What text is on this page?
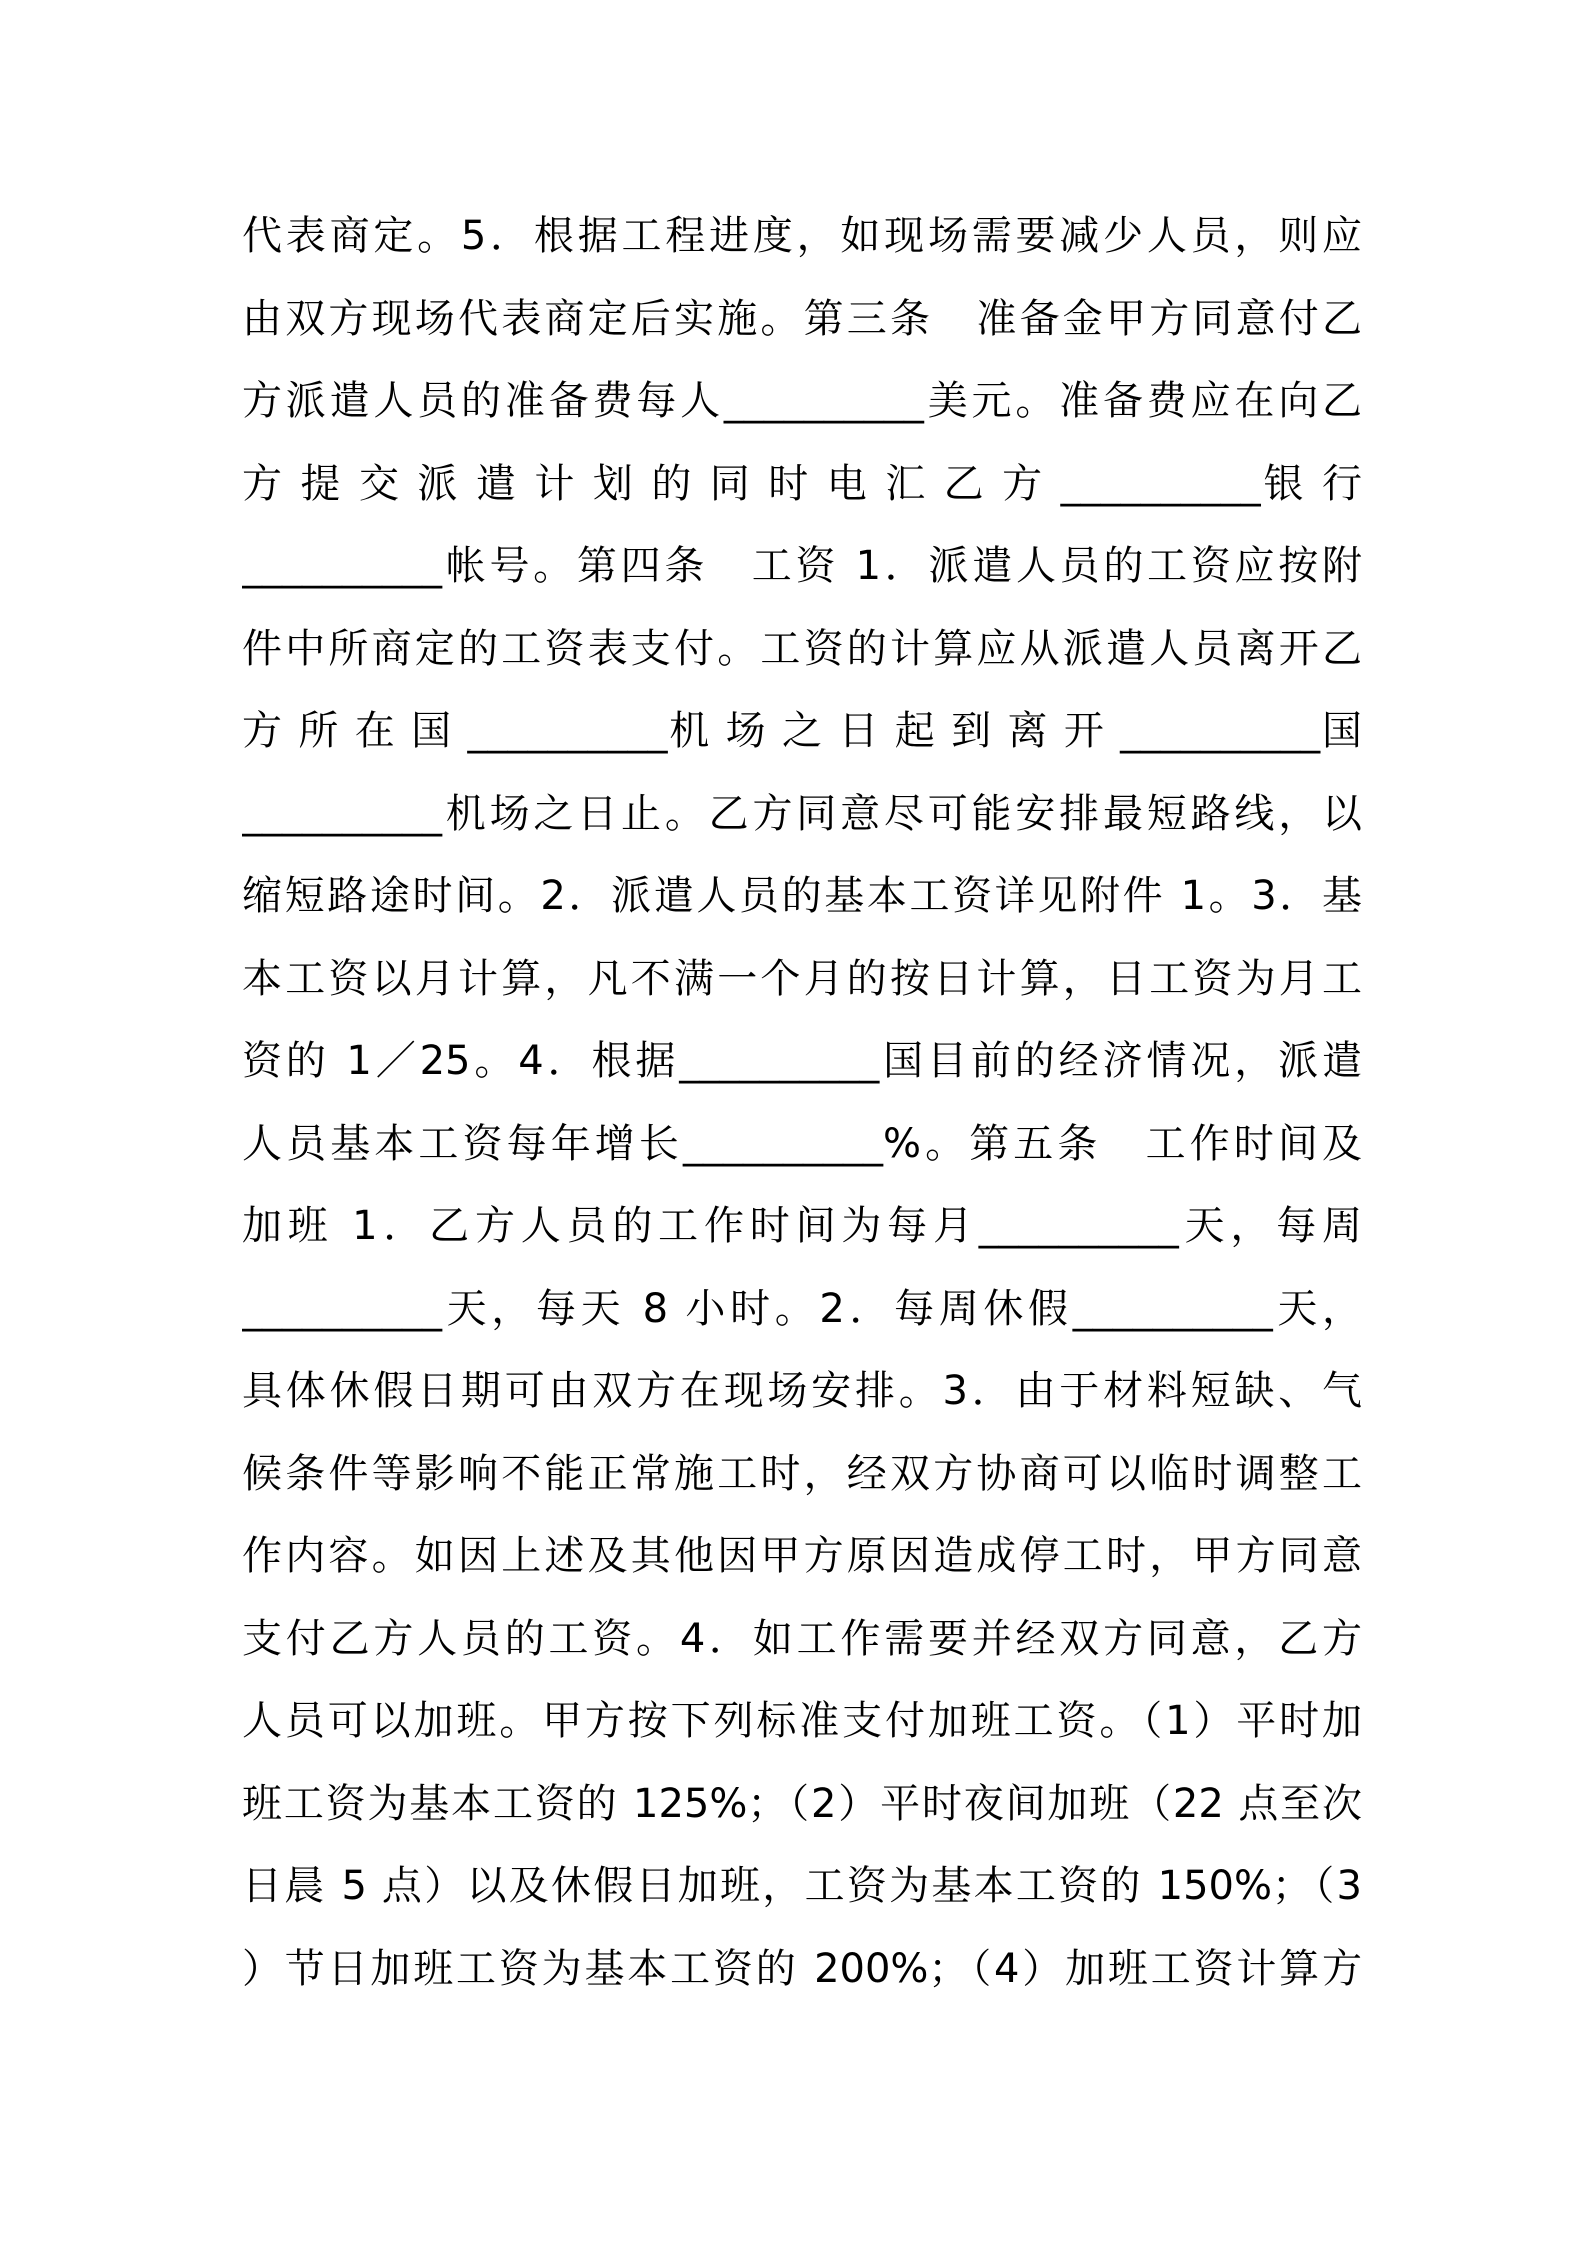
代表商定。5．根据工程进度，如现场需要减少人员，则应
由双方现场代表商定后实施。第三条　准备金甲方同意付乙
方派遣人员的准备费每人__________美元。准备费应在向乙
方 提 交 派 遣 计 划 的 同 时 电 汇 乙 方 __________银 行
__________帐号。第四条　工资 1．派遣人员的工资应按附
件中所商定的工资表支付。工资的计算应从派遣人员离开乙
方 所 在 国 __________机 场 之 日 起 到 离 开 __________国
__________机场之日止。乙方同意尽可能安排最短路线，以
缩短路途时间。2．派遣人员的基本工资详见附件 1。3．基
本工资以月计算，凡不满一个月的按日计算，日工资为月工
资的 1／25。4．根据__________国目前的经济情况，派遣
人员基本工资每年增长__________%。第五条　工作时间及
加班 1．乙方人员的工作时间为每月__________天，每周
__________天，每天 8 小时。2．每周休假__________天，
具体休假日期可由双方在现场安排。3．由于材料短缺、气
候条件等影响不能正常施工时，经双方协商可以临时调整工
作内容。如因上述及其他因甲方原因造成停工时，甲方同意
支付乙方人员的工资。4．如工作需要并经双方同意，乙方
人员可以加班。甲方按下列标准支付加班工资。（1）平时加
班工资为基本工资的 125%；（2）平时夜间加班（22 点至次
日晨 5 点）以及休假日加班，工资为基本工资的 150%；（3
）节日加班工资为基本工资的 200%；（4）加班工资计算方
